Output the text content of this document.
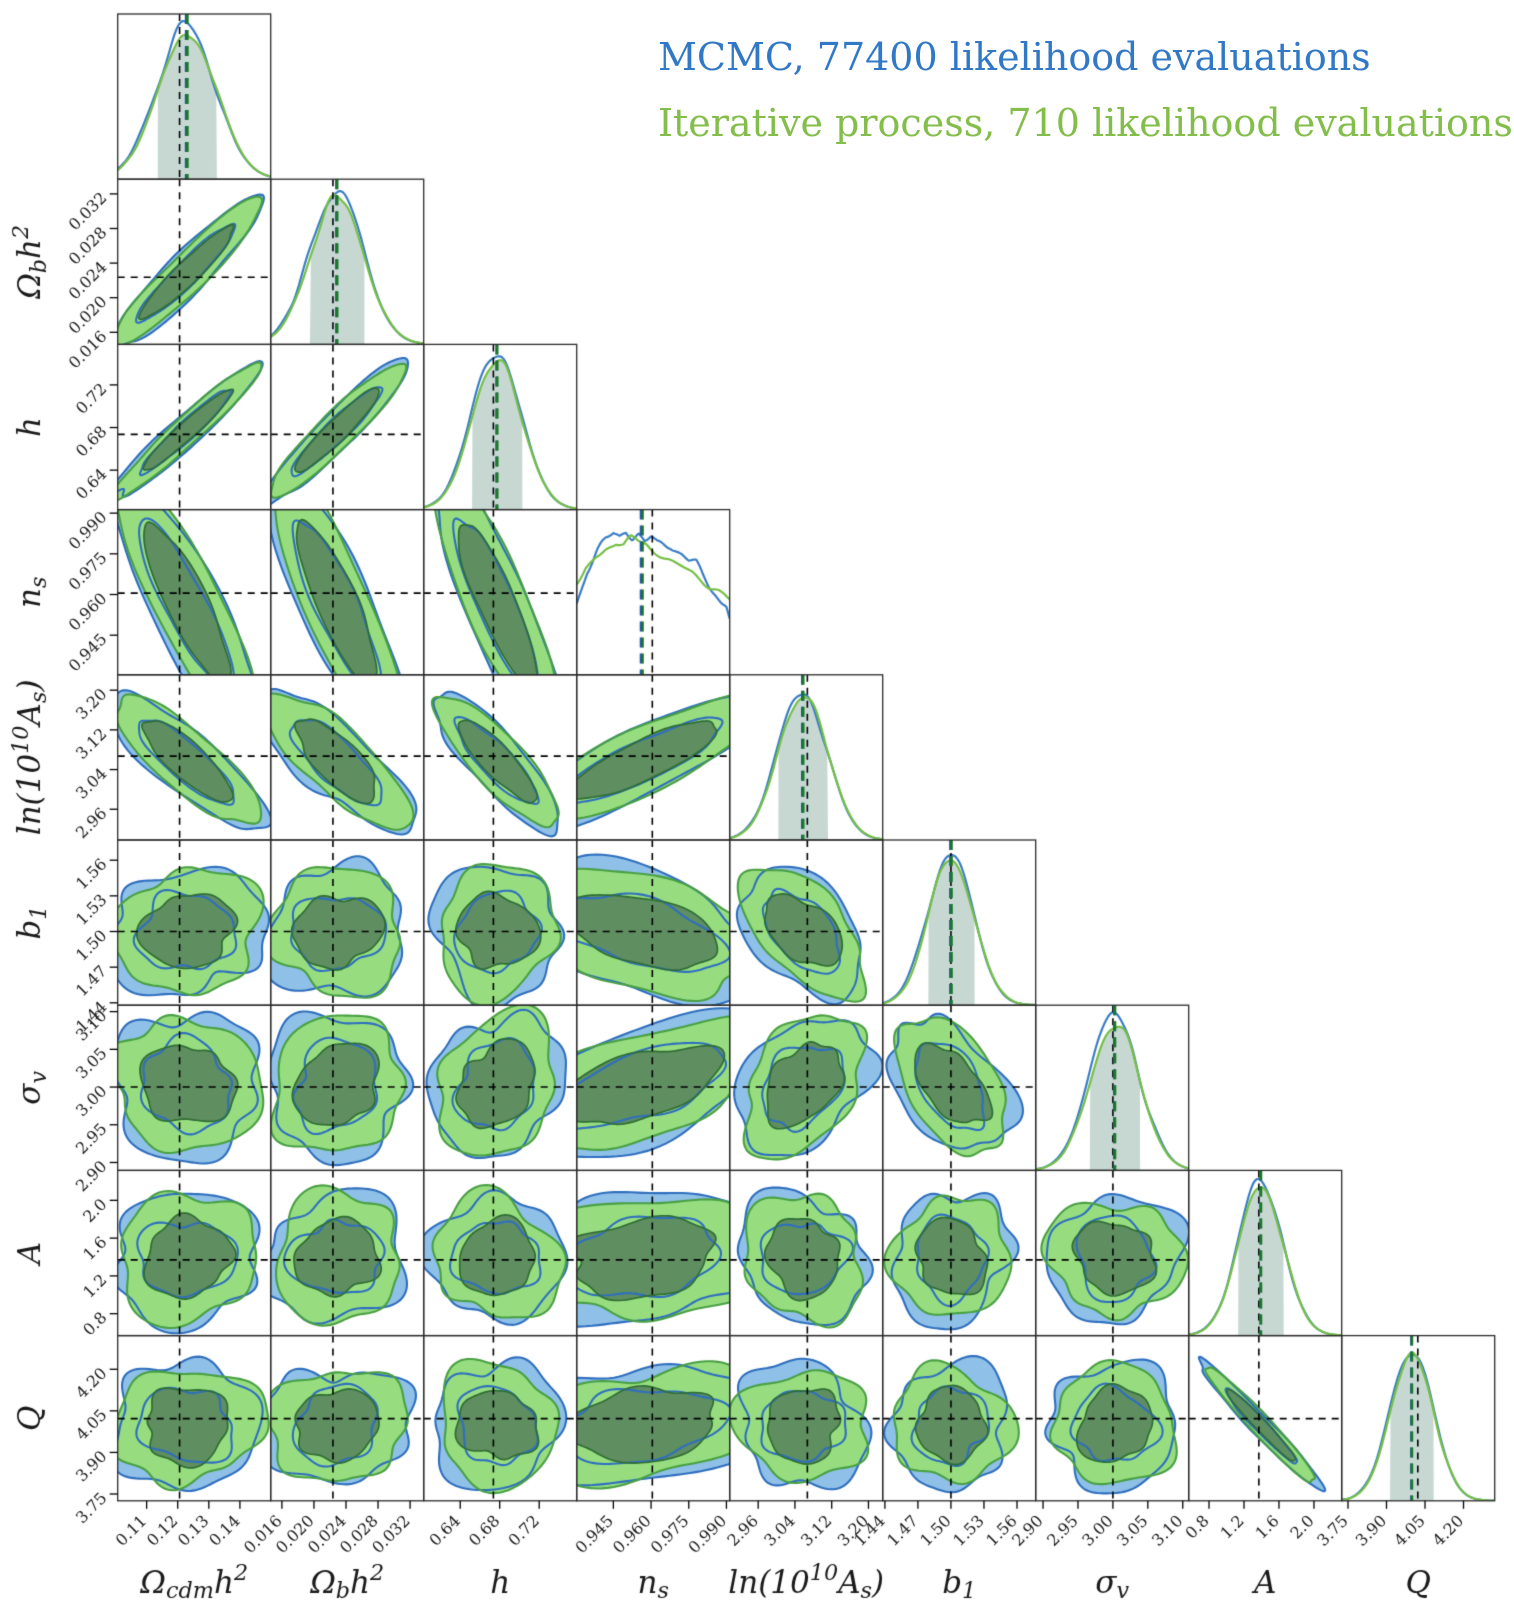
MCMC, 77400 likelihood evaluations
Iterative process, 710 likelihood evaluations
